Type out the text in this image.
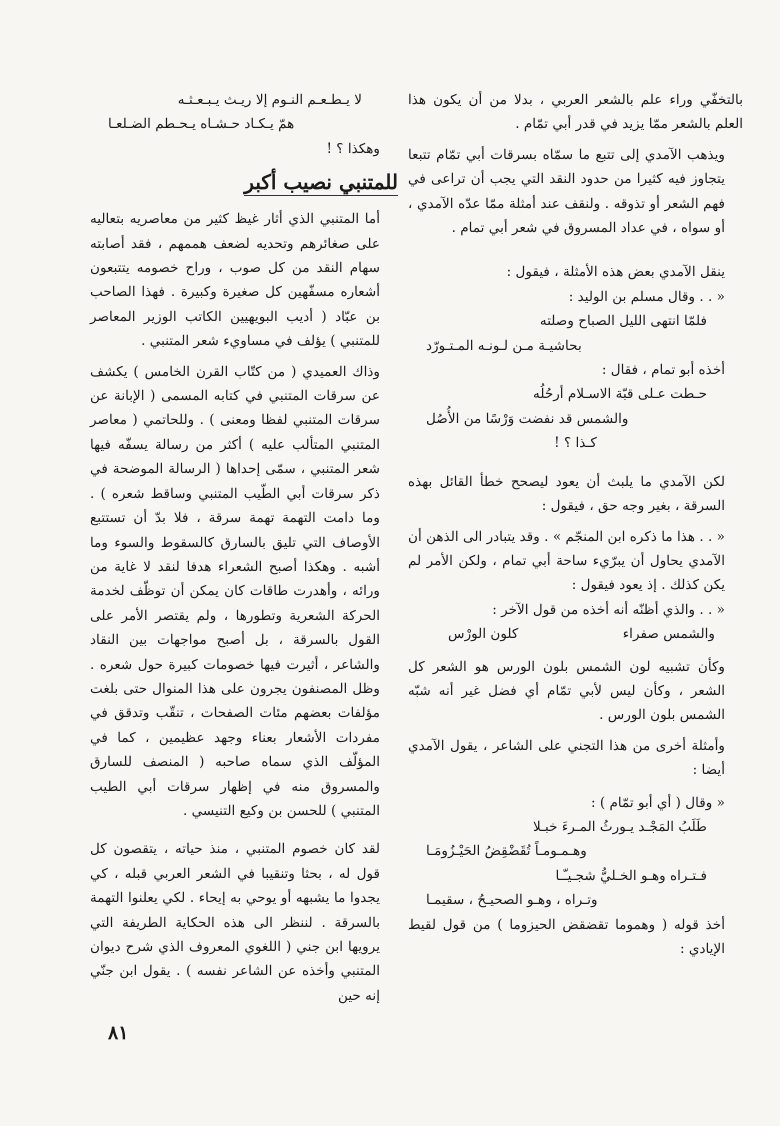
بالتخفّي وراء علم بالشعر العربي ، بدلا من أن يكون هذا العلم بالشعر ممّا يزيد في قدر أبي تمّام .

ويذهب الآمدي إلى تتبع ما سمّاه بسرقات أبي تمّام تتبعا يتجاوز فيه كثيرا من حدود النقد التي يجب أن تراعى في فهم الشعر أو تذوقه . ولنقف عند أمثلة ممّا عدّه الآمدي ، أو سواه ، في عداد المسروق في شعر أبي تمام .

ينقل الآمدي بعض هذه الأمثلة ، فيقول :

« . . وقال مسلم بن الوليد :

فلمّا انتهى الليل الصباح وصلته

بحاشيـة مـن لـونـه المـتـورّد

أخذه أبو تمام ، فقال :

حـطت عـلى قبّة الاسـلام أرحُلُه

والشمس قد نفضت وَرْسًا من الأُصُل

كـذا ؟ !

لكن الآمدي ما يلبث أن يعود ليصحح خطأ القائل بهذه السرقة ، بغير وجه حق ، فيقول :

« . . هذا ما ذكره ابن المنجّم » . وقد يتبادر الى الذهن أن الآمدي يحاول أن يبرّيء ساحة أبي تمام ، ولكن الأمر لم يكن كذلك . إذ يعود فيقول :

« . . والذي أظنّه أنه أخذه من قول الآخر :

والشمس صفراء
كلون الورْس

وكأن تشبيه لون الشمس بلون الورس هو الشعر كل الشعر ، وكأن ليس لأبي تمّام أي فضل غير أنه شبّه الشمس بلون الورس .

وأمثلة أخرى من هذا التجني على الشاعر ، يقول الآمدي أيضا :

« وقال ( أي أبو تمّام ) :

طَلَبُ المَجْـد يـورثُ المـرءَ خبـلا

وهـمـومـاً تُقَضْقِضُ الحَيْـزُومَـا

فـتـراه وهـو الخـليُّ شجـيـّـا

وتـراه ، وهـو الصحيـحُ ، سقيمـا

أخذ قوله ( وهموما تقضقض الحيزوما ) من قول لقيط الإيادي :

لا يـطـعـم النـوم إلا ريـث يـبـعـثـه

همّ يـكـاد حـشـاه يـحـطم الضـلعـا

وهكذا ؟ !

للمتنبي نصيب أكبر

أما المتنبي الذي أثار غيظ كثير من معاصريه بتعاليه على صغائرهم وتحديه لضعف هممهم ، فقد أصابته سهام النقد من كل صوب ، وراح خصومه يتتبعون أشعاره مسفّهين كل صغيرة وكبيرة . فهذا الصاحب بن عبّاد ( أديب البويهيين الكاتب الوزير المعاصر للمتنبي ) يؤلف في مساويء شعر المتنبي .

وذاك العميدي ( من كتّاب القرن الخامس ) يكشف عن سرقات المتنبي في كتابه المسمى ( الإبانة عن سرقات المتنبي لفظا ومعنى ) . وللحاتمي ( معاصر المتنبي المتألب عليه ) أكثر من رسالة يسفّه فيها شعر المتنبي ، سمّى إحداها ( الرسالة الموضحة في ذكر سرقات أبي الطّيب المتنبي وساقط شعره ) . وما دامت التهمة تهمة سرقة ، فلا بدّ أن تستتبع الأوصاف التي تليق بالسارق كالسقوط والسوء وما أشبه . وهكذا أصبح الشعراء هدفا لنقد لا غاية من ورائه ، وأهدرت طاقات كان يمكن أن توظّف لخدمة الحركة الشعرية وتطورها ، ولم يقتصر الأمر على القول بالسرقة ، بل أصبح مواجهات بين النقاد والشاعر ، أثيرت فيها خصومات كبيرة حول شعره . وظل المصنفون يجرون على هذا المنوال حتى بلغت مؤلفات بعضهم مئات الصفحات ، تنقّب وتدقق في مفردات الأشعار بعناء وجهد عظيمين ، كما في المؤلّف الذي سماه صاحبه ( المنصف للسارق والمسروق منه في إظهار سرقات أبي الطيب المتنبي ) للحسن بن وكيع التنيسي .

لقد كان خصوم المتنبي ، منذ حياته ، يتقصون كل قول له ، بحثا وتنقيبا في الشعر العربي قبله ، كي يجدوا ما يشبهه أو يوحي به إيحاء . لكي يعلنوا التهمة بالسرقة . لننظر الى هذه الحكاية الطريفة التي يرويها ابن جني ( اللغوي المعروف الذي شرح ديوان المتنبي وأخذه عن الشاعر نفسه ) . يقول ابن جنّي إنه حين

٨١
